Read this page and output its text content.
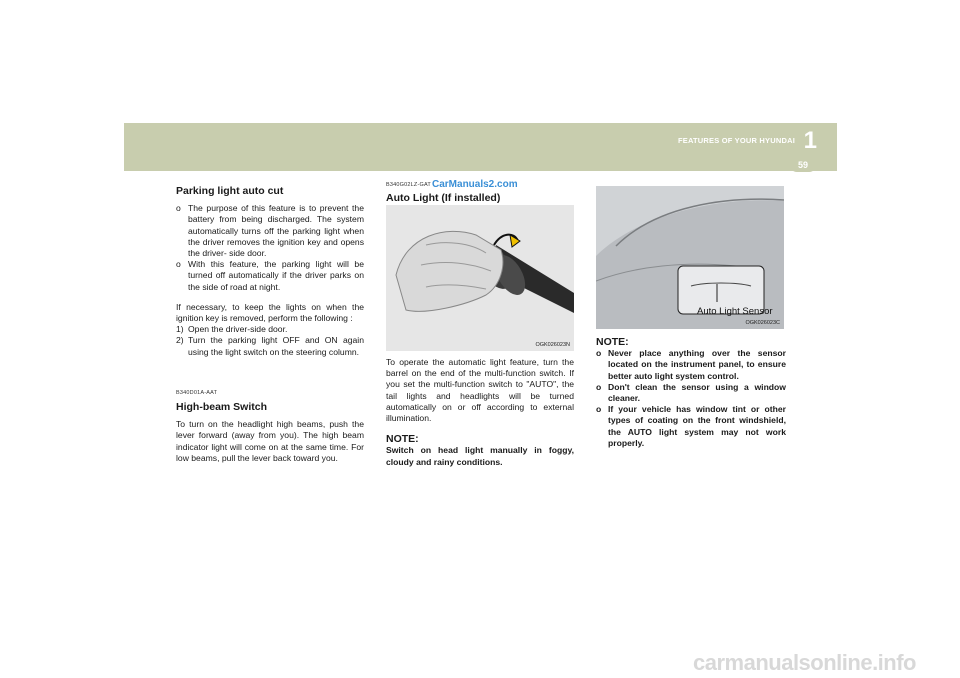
FEATURES OF YOUR HYUNDAI 1
59
Parking light auto cut

o The purpose of this feature is to prevent the battery from being discharged. The system automatically turns off the parking light when the driver removes the ignition key and opens the driver- side door.

o With this feature, the parking light will be turned off automatically if the driver parks on the side of road at night.

If necessary, to keep the lights on when the ignition key is removed, perform the following :

1) Open the driver-side door.

2) Turn the parking light OFF and ON again using the light switch on the steering column.

B340D01A-AAT
High-beam Switch

To turn on the headlight high beams, push the lever forward (away from you). The high beam indicator light will come on at the same time. For low beams, pull the lever back toward you.

B340G02LZ-GAT
Auto Light (If installed)
CarManuals2.com
OGK026023N

To operate the automatic light feature, turn the barrel on the end of the multi-function switch. If you set the multi-function switch to "AUTO", the tail lights and headlights will be turned automatically on or off according to external illumination.

NOTE:

Switch on head light manually in foggy, cloudy and rainy conditions.

Auto Light Sensor
OGK026023C
NOTE:

o Never place anything over the sensor located on the instrument panel, to ensure better auto light system control.

o Don't clean the sensor using a window cleaner.

o If your vehicle has window tint or other types of coating on the front windshield, the AUTO light system may not work properly.

carmanualsonline.info
